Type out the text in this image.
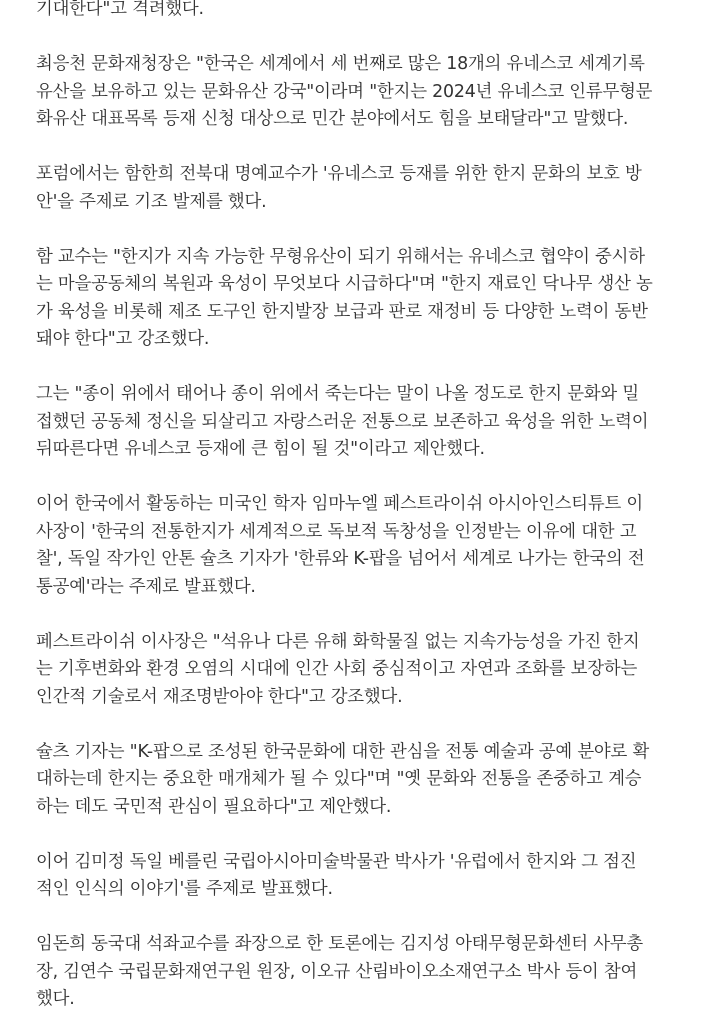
기대한다"고 격려했다.

최응천 문화재청장은 "한국은 세계에서 세 번째로 많은 18개의 유네스코 세계기록
유산을 보유하고 있는 문화유산 강국"이라며 "한지는 2024년 유네스코 인류무형문
화유산 대표목록 등재 신청 대상으로 민간 분야에서도 힘을 보태달라"고 말했다.

포럼에서는 함한희 전북대 명예교수가 '유네스코 등재를 위한 한지 문화의 보호 방
안'을 주제로 기조 발제를 했다.

함 교수는 "한지가 지속 가능한 무형유산이 되기 위해서는 유네스코 협약이 중시하
는 마을공동체의 복원과 육성이 무엇보다 시급하다"며 "한지 재료인 닥나무 생산 농
가 육성을 비롯해 제조 도구인 한지발장 보급과 판로 재정비 등 다양한 노력이 동반
돼야 한다"고 강조했다.

그는 "종이 위에서 태어나 종이 위에서 죽는다는 말이 나올 정도로 한지 문화와 밀
접했던 공동체 정신을 되살리고 자랑스러운 전통으로 보존하고 육성을 위한 노력이
뒤따른다면 유네스코 등재에 큰 힘이 될 것"이라고 제안했다.

이어 한국에서 활동하는 미국인 학자 임마누엘 페스트라이쉬 아시아인스티튜트 이
사장이 '한국의 전통한지가 세계적으로 독보적 독창성을 인정받는 이유에 대한 고
찰', 독일 작가인 안톤 슐츠 기자가 '한류와 K-팝을 넘어서 세계로 나가는 한국의 전
통공예'라는 주제로 발표했다.

페스트라이쉬 이사장은 "석유나 다른 유해 화학물질 없는 지속가능성을 가진 한지
는 기후변화와 환경 오염의 시대에 인간 사회 중심적이고 자연과 조화를 보장하는
인간적 기술로서 재조명받아야 한다"고 강조했다.

슐츠 기자는 "K-팝으로 조성된 한국문화에 대한 관심을 전통 예술과 공예 분야로 확
대하는데 한지는 중요한 매개체가 될 수 있다"며 "옛 문화와 전통을 존중하고 계승
하는 데도 국민적 관심이 필요하다"고 제안했다.

이어 김미정 독일 베를린 국립아시아미술박물관 박사가 '유럽에서 한지와 그 점진
적인 인식의 이야기'를 주제로 발표했다.

임돈희 동국대 석좌교수를 좌장으로 한 토론에는 김지성 아태무형문화센터 사무총
장, 김연수 국립문화재연구원 원장, 이오규 산림바이오소재연구소 박사 등이 참여
했다.
